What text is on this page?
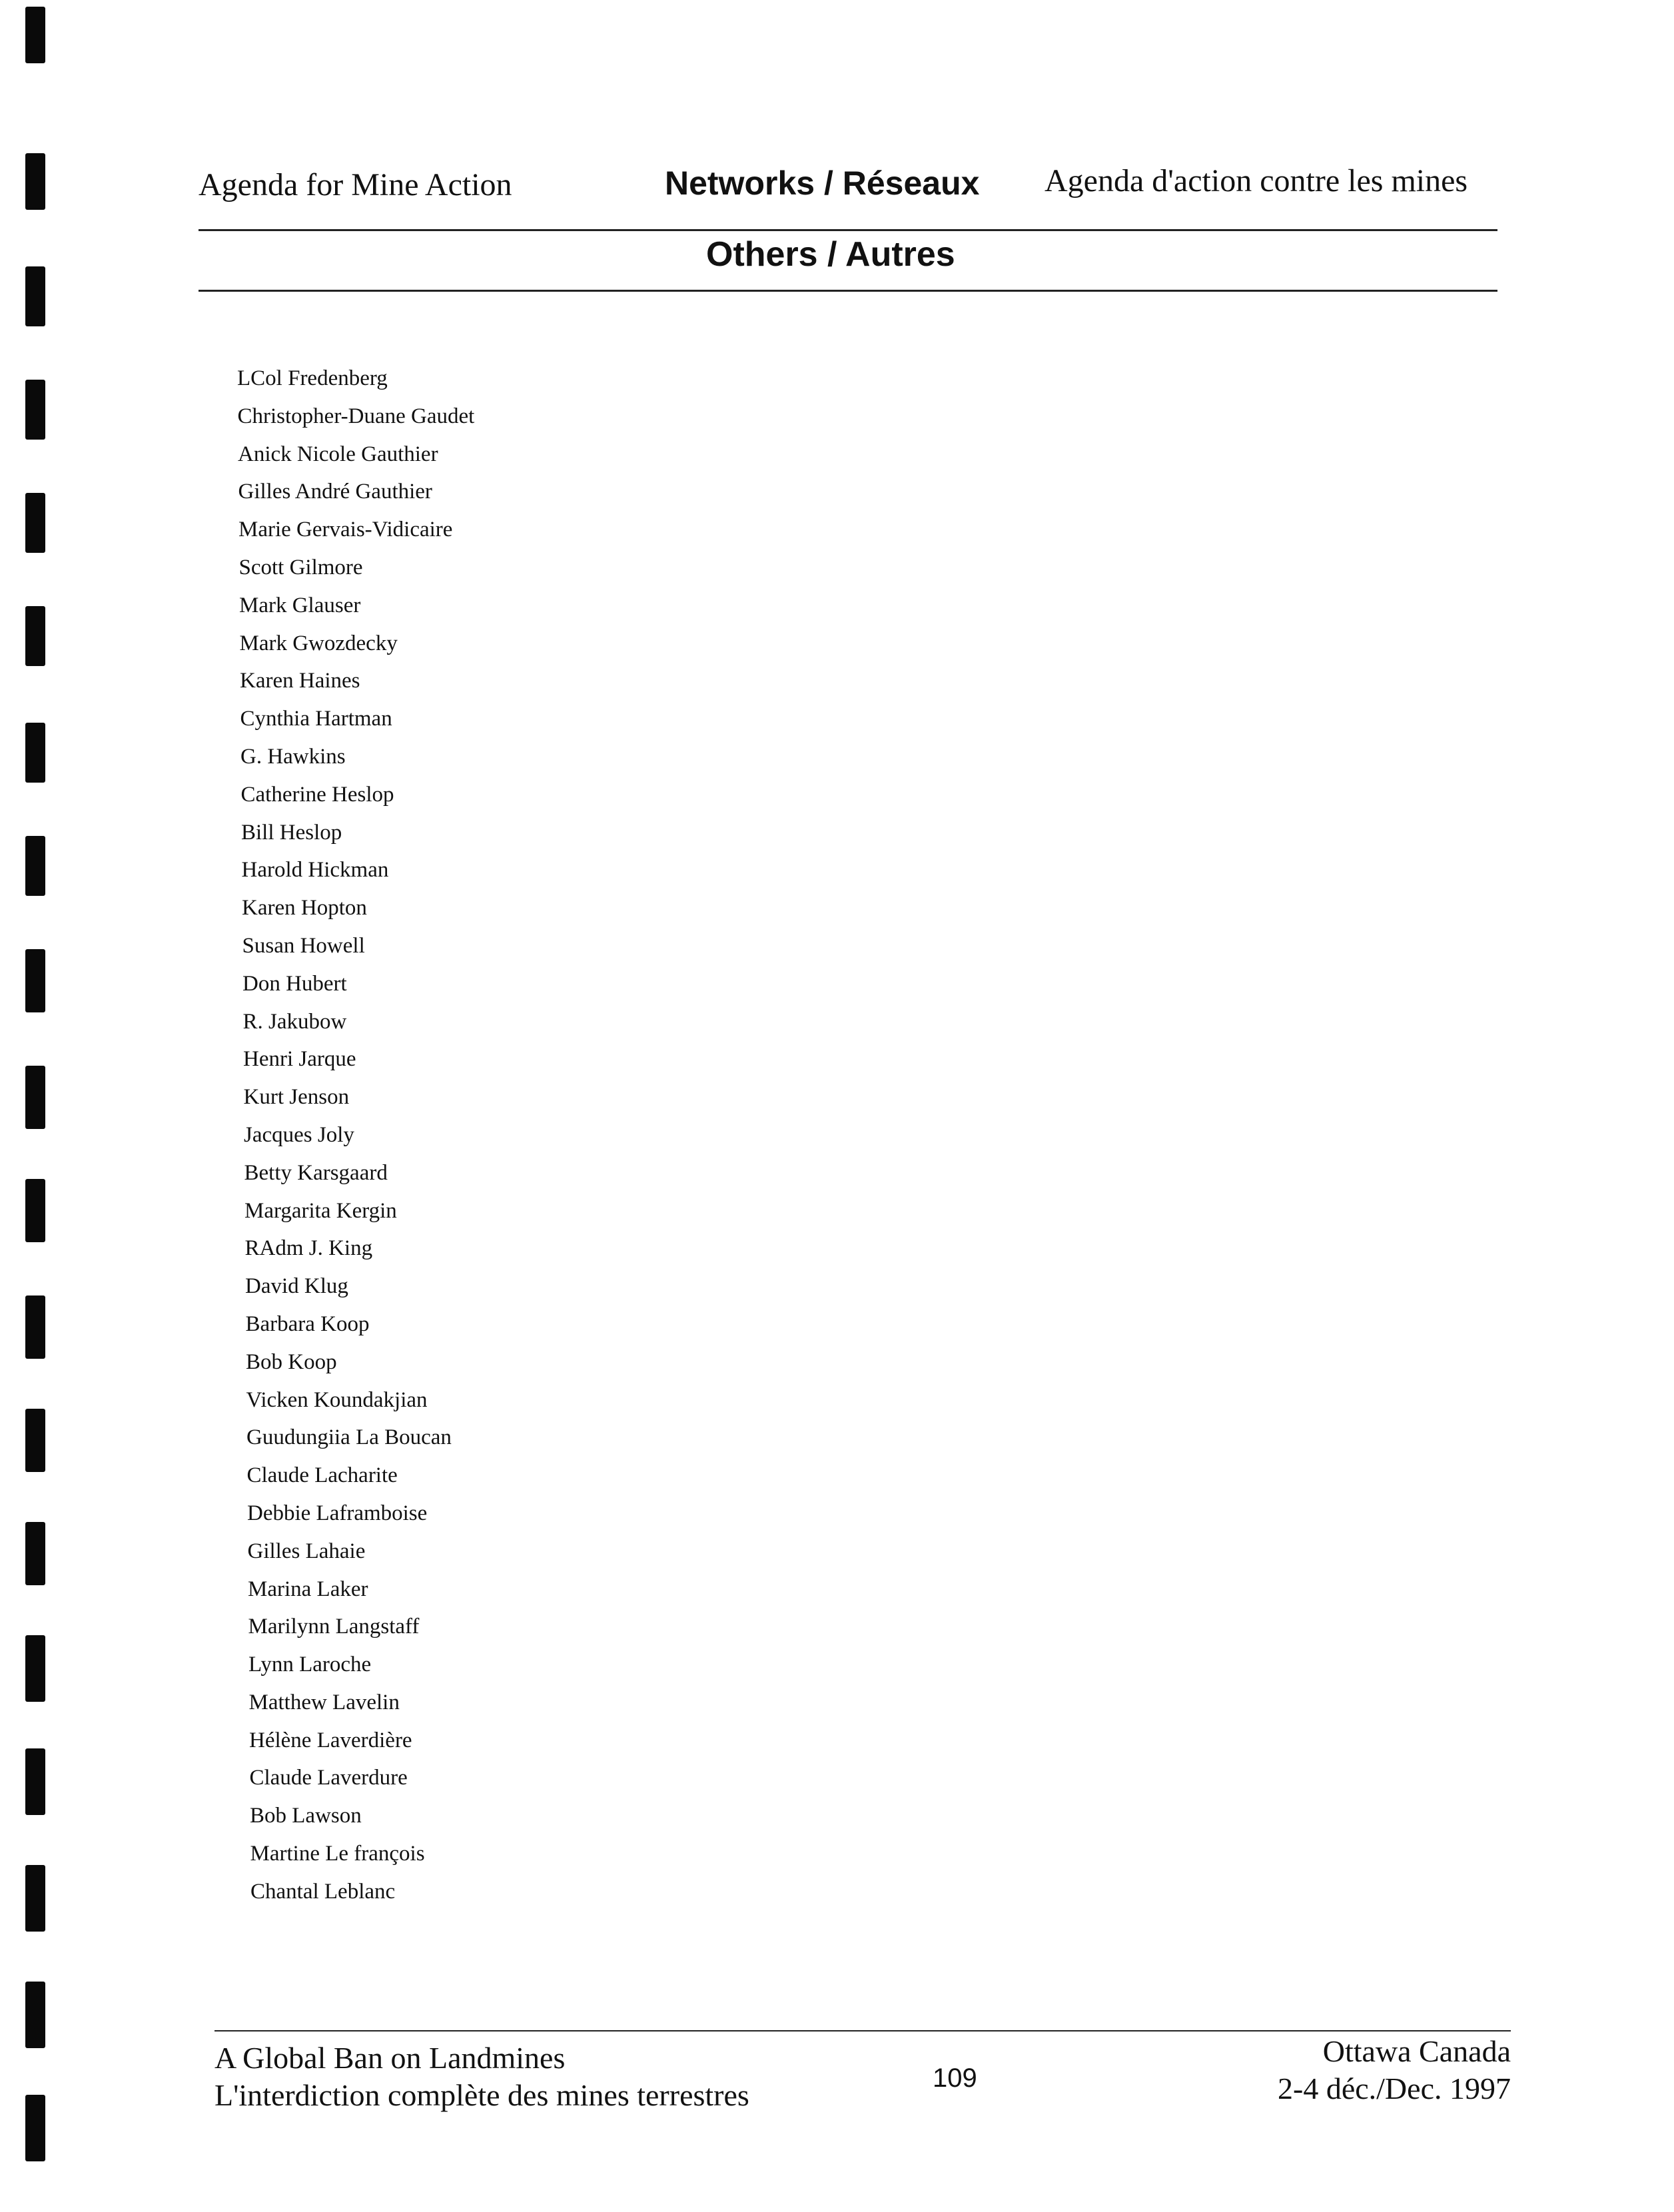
Agenda for Mine Action	Networks / Réseaux Agenda d'action contre les mines
Others / Autres
LCol Fredenberg
Christopher-Duane Gaudet
Anick Nicole Gauthier
Gilles André Gauthier
Marie Gervais-Vidicaire
Scott Gilmore
Mark Glauser
Mark Gwozdecky
Karen Haines
Cynthia Hartman
G. Hawkins
Catherine Heslop
Bill Heslop
Harold Hickman
Karen Hopton
Susan Howell
Don Hubert
R. Jakubow
Henri Jarque
Kurt Jenson
Jacques Joly
Betty Karsgaard
Margarita Kergin
RAdm J. King
David Klug
Barbara Koop
Bob Koop
Vicken Koundakjian
Guudungiia La Boucan
Claude Lacharite
Debbie Laframboise
Gilles Lahaie
Marina Laker
Marilynn Langstaff
Lynn Laroche
Matthew Lavelin
Hélène Laverdière
Claude Laverdure
Bob Lawson
Martine Le françois
Chantal Leblanc
A Global Ban on Landmines
L'interdiction complète des mines terrestres	109
Ottawa Canada
2-4 déc./Dec. 1997
